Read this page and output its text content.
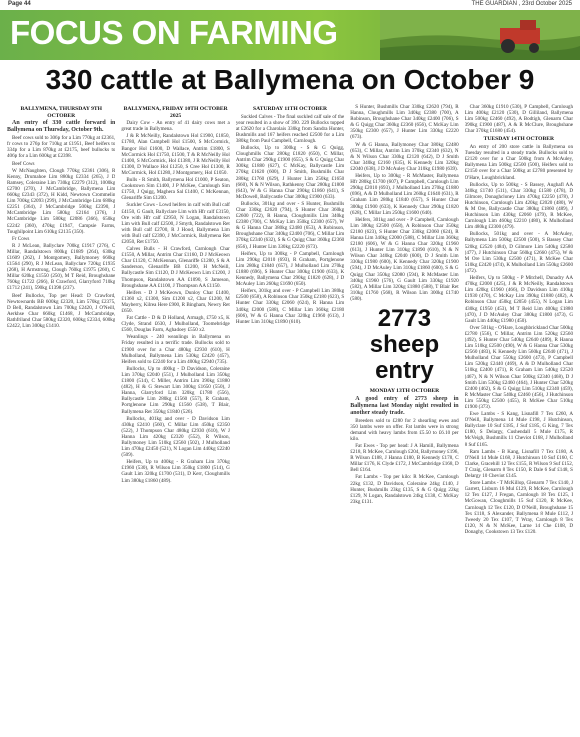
Page 44	THE GUARDIAN , 23rd October 2025
FOCUS ON FARMING
330 cattle at Ballymena on October 9
BALLYMENA, THURSDAY 9TH OCTOBER

An entry of 330 cattle forward in Ballymena on Thursday, October 9th.

Beef cows sold to 306p for a Lim 770kg at £2361, fr cows to 276p for 710kg at £1951, Beef heifers to 334p for a Lim 870kg at £2175, beef bullocks to 406p for a Lim 600kg at £2398.

Beef Cows

W McNaughten, Clough 770kg £2361 (306), R Kenny, Drumahoe Lim 880kg £2334 (265), J D Ramsey, Coleraine Lim 730kg £2279 (312), 1000kg £2700 (270), J McCambridge, Ballymena Lim 660kg £2343 (372), H Kidd, Newtown Crommelin Lim 700kg £2093 (299), J McCambridge Lim 680kg £2251 (364), J McCambridge 500kg £2390, J McCambridge Lim 580kg £2164 (376), J McCambridge Lim 580kg £2086 (366), 650kg £2242 (360), 470kg £1947, Campsie Farms, Toughilpoint Lim 610kg £2135 (350).

Fr Cows

R J McLean, Ballyclare 700kg £1917 (276), C Millar, Randalstown 800kg £1689 (264), 630kg £1609 (262), J Montgomery, Ballymoney 660kg £1564 (290), R J McLean, Ballyclare 720kg £1935 (268), H Armstrong, Clough 760kg £1975 (260), C Millar 620kg £1550 (250), M T Reid, Broughshane 760kg £1722 (266), B Crawford, Glarryford 710kg £1712 (241), 590kg £1398 (237).

Beef Bullocks, Top per Head: D Crawford, Newtownards BB 600kg £2320, Lim 570kg £2375, D Bell, Randalstown Lim 700kg £2420, J O'Neill, Aerkhse Char 660kg £1468, J McCambridge, Rathfriland Char 580kg £2320, 600kg £2334, 600kg £2422, Lim 300kg £1410.

BALLYMENA, FRIDAY 10TH OCTOBER 2025

Dairy Cow - An entry of 41 dairy cows met a great trade in Ballymena.

J & R McNeilly, Randalstown Hol £1900, £1850, £1780, Alan Campbell Hol £1500, S McCormick, Bangor Hol £1600, D Wallace, Antrim £1800, S McCormick Hol £1750, £1500, T & R McNeilly Hol £1400, S McCormick, Hol £1380, J R McNeilly Hol £1300, D Wallace Hol £1250, S Cree Hol £1300, R McCormick, Hol £1280, J Montgomery, Hol £1050.

Bulls - R Smith, Ballymena Hol £1000, P Seaton, Cookstown Sim £1400, J P McKee, Carnlough Sim £1750, J Quigg, Maghera Sal £1400, C McKennan, Glenariffe Sim £1200.

Suckler Cows - Lowd heifers in calf with Bull calf £4150, G Gault, Ballyclare Lim with Hfr calf £3150, Ore with Hfr calf £2950, N Logan, Randalstown Lim with Bull calf £2500, J Smyth, Randalstown Ret with Bull calf £2700, R J Hood, Ballymena Lim with Bull calf £2390, J McCormick, Ballymena Ret £2050, Ret £1750.

Calves Bulls - H Crawford, Carnlongh Char £1550, A Millar, Antrim Char £1160, D J McKeown Char £1120, C McKennan, Glenariffe £1280, S & A Sanderson, Glenariffe BB £1200, H McNeill, Ballycastle Sim £1120, D J McKeown Lim £1200, J Thompson, Randalstown AA £1090, S Jameson, Broughshane AA £1100, J Thompson AA £1150.

Heifers - D J McKeown, Dunloy Char £1400, £1360 x2, £1300, Sim £1200 x2, Char £1200, M Mayberry, Kilrea Here £900, R Bingham, Newry Ret £650.

Fat Cattle - D & D Holland, Armagh, £750 x5, K Clyde, Strand £630, J Mulholland, Toomebridge £560, Douglas Farm, Aghadoey £550 x2.

Weanlings - 240 weanlings in Ballymena on Friday resulted in a terrific trade. Bullocks sold to £1900 over for a Char 480kg £2930 (610), H Mulholland, Ballymena Lim 530kg £2420 (457), Heifers sold to £2240 for a Lim 400kg £2940 (735).

Bullocks, Up to 400kg - D Davidson, Coleraine Lim 370kg £2040 (551), J Mulholland Lim 350kg £1800 (514), C Miller, Antrim Lim 390kg £1880 (482), H & G Stewart Lim 300kg £1650 (550), J Hanna, Glarryford Lim 320kg £1780 (556), Ballycastle Lim 280kg £1560 (557), R Graham, Portglenone Lim 290kg £1560 (538), T Blair, Ballymena Ret 350kg £1840 (526).

Bullocks, 401kg and over - D Davidson Lim 430kg £2410 (560), C Millar Lim 450kg £2350 (522), J Thompson Char 480kg £2930 (610), W J Hanna Lim 420kg £2320 (552), R Wilson, Ballymoney Lim 510kg £2560 (502), J Mulholland Lim 470kg £2450 (521), N Logan Lim 440kg £2240 (509).

Heifers, Up to 400kg - R Graham Lim 370kg £1960 (530), R Wilson Lim 350kg £1800 (514), G Gault Lim 320kg £1700 (531), D Kerr, Cloughmills Lim 380kg £1860 (489).

SATURDAY 11TH OCTOBER

Suckled Calves - The final suckled calf sale of the year resulted in a show of 390. 229 Bullocks topped at £2620 for a Charolais 330kg from Sandra Hunter, Bushmills and 167 heifers reached £2500 for a Lim 380kg from Paul Campbell, Carnlough.

Bullocks, Up to 300kg - S & G Quigg, Cloughmills Char 280kg £1820 (650), C Millar, Antrim Char 290kg £1900 (655), S & G Quigg Char 300kg £1880 (627), C McKay, Ballycastle Lim 270kg £1620 (600), D J Smith, Bushmills Char 280kg £1760 (629), J Hunter Lim 250kg £1650 (660), N & N Wilson, Rathkenny Char 280kg £1800 (643), W & G Hanna Char 290kg £1860 (641), S McDowell, Ballycastle Char 300kg £1900 (633).

Bullocks, 301kg and over - S Hunter, Bushmills Char 330kg £2620 (794), S Hunter Char 360kg £2600 (722), R Hanna, Cloughmills Lim 340kg £2380 (700), C McKay Lim 350kg £2300 (657), W & G Hanna Char 380kg £2480 (653), A Robinson, Broughshane Char 340kg £2400 (706), C Millar Lim 370kg £2340 (632), S & G Quigg Char 360kg £2360 (656), J Hunter Lim 330kg £2220 (673).

Heifers, Up to 300kg - P Campbell, Carnlough Lim 290kg £2010 (693), R Graham, Portglenone Lim 280kg £1840 (657), J Mulholland Lim 270kg £1880 (696), S Hunter Char 300kg £1900 (633), K Kennedy, Ballymena Char 290kg £1820 (628), J D McAuley Lim 260kg £1690 (650).

Heifers, 301kg and over - P Campbell Lim 380kg £2500 (658), A Robinson Char 350kg £2180 (623), S Hunter Char 330kg £2060 (624), R Hanna Lim 340kg £2000 (588), C Millar Lim 360kg £2180 (606), W & G Hanna Char 320kg £1960 (613), J Hunter Lim 310kg £1890 (610).

S Hunter, Bushmills Char 330kg £2620 (794), R Hanna, Cloughmills Lim 340kg £2380 (700), A Robinson, Broughshane Char 340kg £2400 (706), S & G Quigg Char 360kg £2360 (656), C McKay Lim 350kg £2300 (657), J Hunter Lim 330kg £2220 (673).

W & G Hanna, Ballymoney Char 380kg £2480 (653), C Millar, Antrim Lim 370kg £2340 (632), N & N Wilson Char 330kg £2120 (642), D J Smith Char 340kg £2160 (635), K Kennedy Lim 320kg £2040 (638), J D McAuley Char 310kg £1980 (639).

Heifers, Up to 300kg - R McMaster, Ballymena Hfr 280kg £1700 (607), P Campbell, Carnlough Lim 290kg £2010 (693), J Mulholland Lim 270kg £1880 (696), A & D Mulholland Lim 260kg £1640 (631), R Graham Lim 280kg £1840 (657), S Hunter Char 300kg £1900 (633), K Kennedy Char 290kg £1820 (628), C Millar Lim 250kg £1600 (640).

Heifers, 301kg and over - P Campbell, Carnlough Lim 380kg £2500 (658), A Robinson Char 350kg £2180 (623), S Hunter Char 330kg £2060 (624), R Hanna Lim 340kg £2000 (588), C Millar Lim 360kg £2180 (606), W & G Hanna Char 320kg £1960 (613), J Hunter Lim 310kg £1890 (610), N & N Wilson Char 340kg £2040 (600), D J Smith Lim 330kg £1980 (600), K Kennedy Char 320kg £1900 (594), J D McAuley Lim 310kg £1860 (600), S & G Quigg Char 350kg £2080 (594), R McMaster Lim 340kg £1960 (576), G Gault Lim 330kg £1920 (582), A Millar Lim 320kg £1880 (588), T Blair Ret 310kg £1760 (568), R Wilson Lim 300kg £1740 (580).

2773 sheep entry
MONDAY 13TH OCTOBER

A good entry of 2773 sheep in Ballymena last Monday night resulted in another steady trade.

Breeders sold to £280 for 2 shearling ewes and 350 lambs were on offer. Fat lambs were in strong demand with heavy lambs from £5.50 to £6.10 per kilo.

Fat Ewes - Top per head: J A Hamill, Ballymena £218, R McKee, Carnlough £204, Ballymoney £196, R Wilson £188, J Hanna £180, B Kennedy £178, C Millar £176, K Clyde £172, J McCambridge £168, D Bell £164.

Fat Lambs - Top per kilo: R McKee, Carnlough 22kg £132, D Davidson, Coleraine 24kg £140, J Hunter, Bushmills 23kg £135, S & G Quigg 22kg £129, N Logan, Randalstown 24kg £138, C McKay 23kg £131.

Char 360kg £1910 (530), P Campbell, Carnlough Lim 400kg £2120 (530), D Gilliland, Ballymena Lim 500kg £2460 (492), A Bodtigh, Glenarm Char 390kg £1900 (487), A & R McClure, Broughshane Char 370kg £1680 (454).

TUESDAY 14TH OCTOBER

An entry of 200 store cattle in Ballymena on Tuesday resulted in a steady trade. Bullocks sold to £2120 over for a Char 500kg from A McAuley, Ballymena Lim 500kg £2500 (500), Heifers sold to £2150 over for a Char 500kg at £2780 presented by O'Hare, Loughbrickland.

Bullocks, Up to 500kg - S Bassey, Aughafl AA 340kg £1740 (511), Char 330kg £1580 (478), D Gilmore, Donaghcloney Lim 470kg £2250 (478), J Hutchinson, Carnlough Lim 420kg £2020 (480), W & M Ore, Ballycastle Char 380kg £1860 (489), J Hutchinson Lim 430kg £2060 (479), R McKee, Carnlough Lim 460kg £2210 (480), K Mulholland Lim 480kg £2300 (479).

Bullocks, 501kg and over - A McAuley, Ballymena Lim 500kg £2500 (500), S Bassey Char 520kg £2520 (484), D Gilmore Lim 540kg £2580 (477), J Hutchinson Char 560kg £2660 (475), W & M Ore Lim 530kg £2500 (471), R McKee Char 510kg £2420 (474), K Mulholland Lim 550kg £2600 (472).

Heifers, Up to 500kg - P Mitchell, Dunadry AA 470kg £2000 (425), J & R McNeilly, Randalstown Lim 420kg £1960 (466), D Davidson Lim 410kg £1930 (470), C McKay Lim 390kg £1880 (482), A Robinson Char 450kg £2050 (455), N Logan Lim 430kg £1950 (453), M T Reid Lim 400kg £1880 (470), J D McAuley Char 380kg £1800 (473), G Gault Lim 440kg £1980 (450).

Over 501kg - O'Hare, Loughbrickland Char 500kg £2780 (556), C Millar, Antrim Lim 520kg £2560 (492), S Hunter Char 540kg £2640 (489), R Hanna Lim 510kg £2500 (490), W & G Hanna Char 530kg £2560 (483), K Kennedy Lim 560kg £2640 (471), J Mulholland Char 550kg £2600 (473), P Campbell Lim 520kg £2440 (469), A & D Mulholland Char 510kg £2400 (471), R Graham Lim 540kg £2520 (467), N & N Wilson Char 500kg £2340 (468), D J Smith Lim 530kg £2460 (464), J Hunter Char 520kg £2400 (462), S & G Quigg Lim 510kg £2340 (459), R McMaster Char 540kg £2460 (456), J Hutchinson Lim 550kg £2500 (455), R McKee Char 510kg £1900 (373).

Ewe Lambs - S Kang, Lisnafill 7 Tex £260, A O'Neill, Ballymena 14 Mule £198, J Hutchinson, Ballyclare 10 Suf £185, J Suf £185, G King, 7 Tex £180, S Delargy, Cushendall 5 Mule £175, R McVeigh, Bushmills 11 Cheviot £168, J Mulholland 8 Suf £165.

Ram Lambs - B Kang, Lisnafill 7 Tex £180, A O'Neill 14 Mule £168, J Hutchinson 10 Suf £160, C Clarke, Gracehill 12 Tex £155, R Wilson 9 Suf £152, T Craig, Glenarm 8 Tex £150, R Dale 6 Suf £148, S Delargy 10 Cheviot £145.

Store Lambs - T McKillop, Glenarm 7 Tex £140, J Garrett, Lisburn 16 Mul £129, R McKee, Carnlough 12 Tex £127, J Fregan, Carnlough 18 Tex £125, I McGowan, Cloughmills 15 Suf £120, R McKee, Carnlough 12 Tex £120, D O'Neill, Broughshane 15 Tex £118, S Alexander, Ballymena 8 Mule £112, J Tweedy 20 Tex £107, T Wray, Carnlough 8 Tex £120, N & N McKee, Larne 14 Che £108, D Donaghy, Cookstown 13 Tex £120.
